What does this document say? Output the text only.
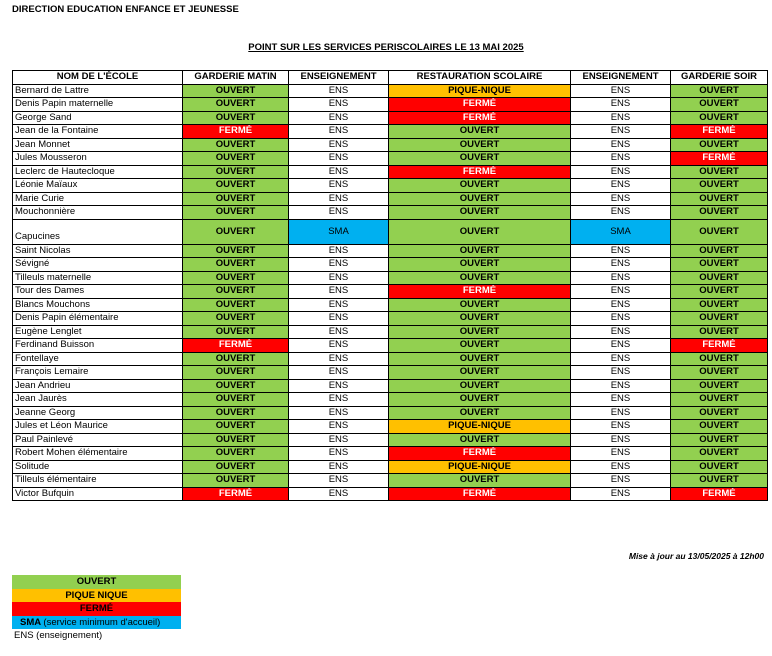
DIRECTION EDUCATION ENFANCE ET JEUNESSE
POINT SUR LES SERVICES PERISCOLAIRES LE 13 MAI 2025
NOM DE L'ÉCOLE	GARDERIE MATIN	ENSEIGNEMENT	RESTAURATION SCOLAIRE	ENSEIGNEMENT	GARDERIE SOIR
Bernard de Lattre	OUVERT	ENS	PIQUE-NIQUE	ENS	OUVERT
Denis Papin maternelle	OUVERT	ENS	FERMÉ	ENS	OUVERT
George Sand	OUVERT	ENS	FERMÉ	ENS	OUVERT
Jean de la Fontaine	FERMÉ	ENS	OUVERT	ENS	FERMÉ
Jean Monnet	OUVERT	ENS	OUVERT	ENS	OUVERT
Jules Mousseron	OUVERT	ENS	OUVERT	ENS	FERMÉ
Leclerc de Hautecloque	OUVERT	ENS	FERMÉ	ENS	OUVERT
Léonie Maïaux	OUVERT	ENS	OUVERT	ENS	OUVERT
Marie Curie	OUVERT	ENS	OUVERT	ENS	OUVERT
Mouchonnière	OUVERT	ENS	OUVERT	ENS	OUVERT

Capucines	OUVERT	SMA	OUVERT	SMA	OUVERT
Saint Nicolas	OUVERT	ENS	OUVERT	ENS	OUVERT
Sévigné	OUVERT	ENS	OUVERT	ENS	OUVERT
Tilleuls maternelle	OUVERT	ENS	OUVERT	ENS	OUVERT
Tour des Dames	OUVERT	ENS	FERMÉ	ENS	OUVERT
Blancs Mouchons	OUVERT	ENS	OUVERT	ENS	OUVERT
Denis Papin élémentaire	OUVERT	ENS	OUVERT	ENS	OUVERT
Eugène Lenglet	OUVERT	ENS	OUVERT	ENS	OUVERT
Ferdinand Buisson	FERMÉ	ENS	OUVERT	ENS	FERMÉ
Fontellaye	OUVERT	ENS	OUVERT	ENS	OUVERT
François Lemaire	OUVERT	ENS	OUVERT	ENS	OUVERT
Jean Andrieu	OUVERT	ENS	OUVERT	ENS	OUVERT
Jean Jaurès	OUVERT	ENS	OUVERT	ENS	OUVERT
Jeanne Georg	OUVERT	ENS	OUVERT	ENS	OUVERT
Jules et Léon Maurice	OUVERT	ENS	PIQUE-NIQUE	ENS	OUVERT
Paul Painlevé	OUVERT	ENS	OUVERT	ENS	OUVERT
Robert Mohen élémentaire	OUVERT	ENS	FERMÉ	ENS	OUVERT
Solitude	OUVERT	ENS	PIQUE-NIQUE	ENS	OUVERT
Tilleuls élémentaire	OUVERT	ENS	OUVERT	ENS	OUVERT
Victor Bufquin	FERMÉ	ENS	FERMÉ	ENS	FERMÉ
Mise à jour au 13/05/2025 à 12h00
OUVERT
PIQUE NIQUE
FERMÉ
SMA (service minimum d'accueil)
ENS (enseignement)
